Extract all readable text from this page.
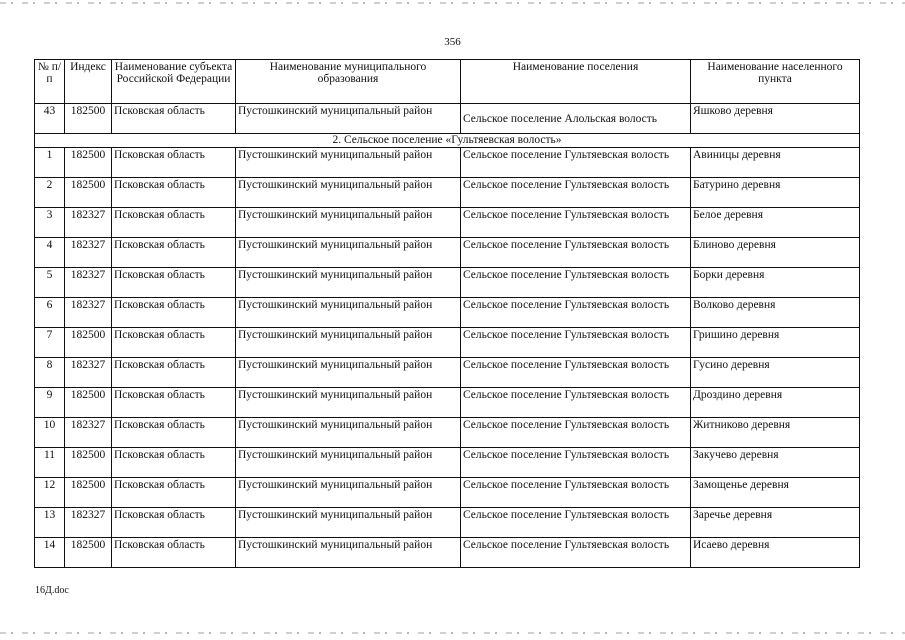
356
№ п/п	Индекс	Наименование субъекта Российской Федерации	Наименование муниципального образования	Наименование поселения	Наименование населенного пункта
43	182500	Псковская область	Пустошкинский муниципальный район	Сельское поселение Алольская волость	Яшково деревня
2. Сельское поселение «Гультяевская волость»					
1	182500	Псковская область	Пустошкинский муниципальный район	Сельское поселение Гультяевская волость	Авиницы деревня
2	182500	Псковская область	Пустошкинский муниципальный район	Сельское поселение Гультяевская волость	Батурино деревня
3	182327	Псковская область	Пустошкинский муниципальный район	Сельское поселение Гультяевская волость	Белое деревня
4	182327	Псковская область	Пустошкинский муниципальный район	Сельское поселение Гультяевская волость	Блиново деревня
5	182327	Псковская область	Пустошкинский муниципальный район	Сельское поселение Гультяевская волость	Борки деревня
6	182327	Псковская область	Пустошкинский муниципальный район	Сельское поселение Гультяевская волость	Волково деревня
7	182500	Псковская область	Пустошкинский муниципальный район	Сельское поселение Гультяевская волость	Гришино деревня
8	182327	Псковская область	Пустошкинский муниципальный район	Сельское поселение Гультяевская волость	Гусино деревня
9	182500	Псковская область	Пустошкинский муниципальный район	Сельское поселение Гультяевская волость	Дроздино деревня
10	182327	Псковская область	Пустошкинский муниципальный район	Сельское поселение Гультяевская волость	Житниково деревня
11	182500	Псковская область	Пустошкинский муниципальный район	Сельское поселение Гультяевская волость	Закучево деревня
12	182500	Псковская область	Пустошкинский муниципальный район	Сельское поселение Гультяевская волость	Замощенье деревня
13	182327	Псковская область	Пустошкинский муниципальный район	Сельское поселение Гультяевская волость	Заречье деревня
14	182500	Псковская область	Пустошкинский муниципальный район	Сельское поселение Гультяевская волость	Исаево деревня
16Д.doc
